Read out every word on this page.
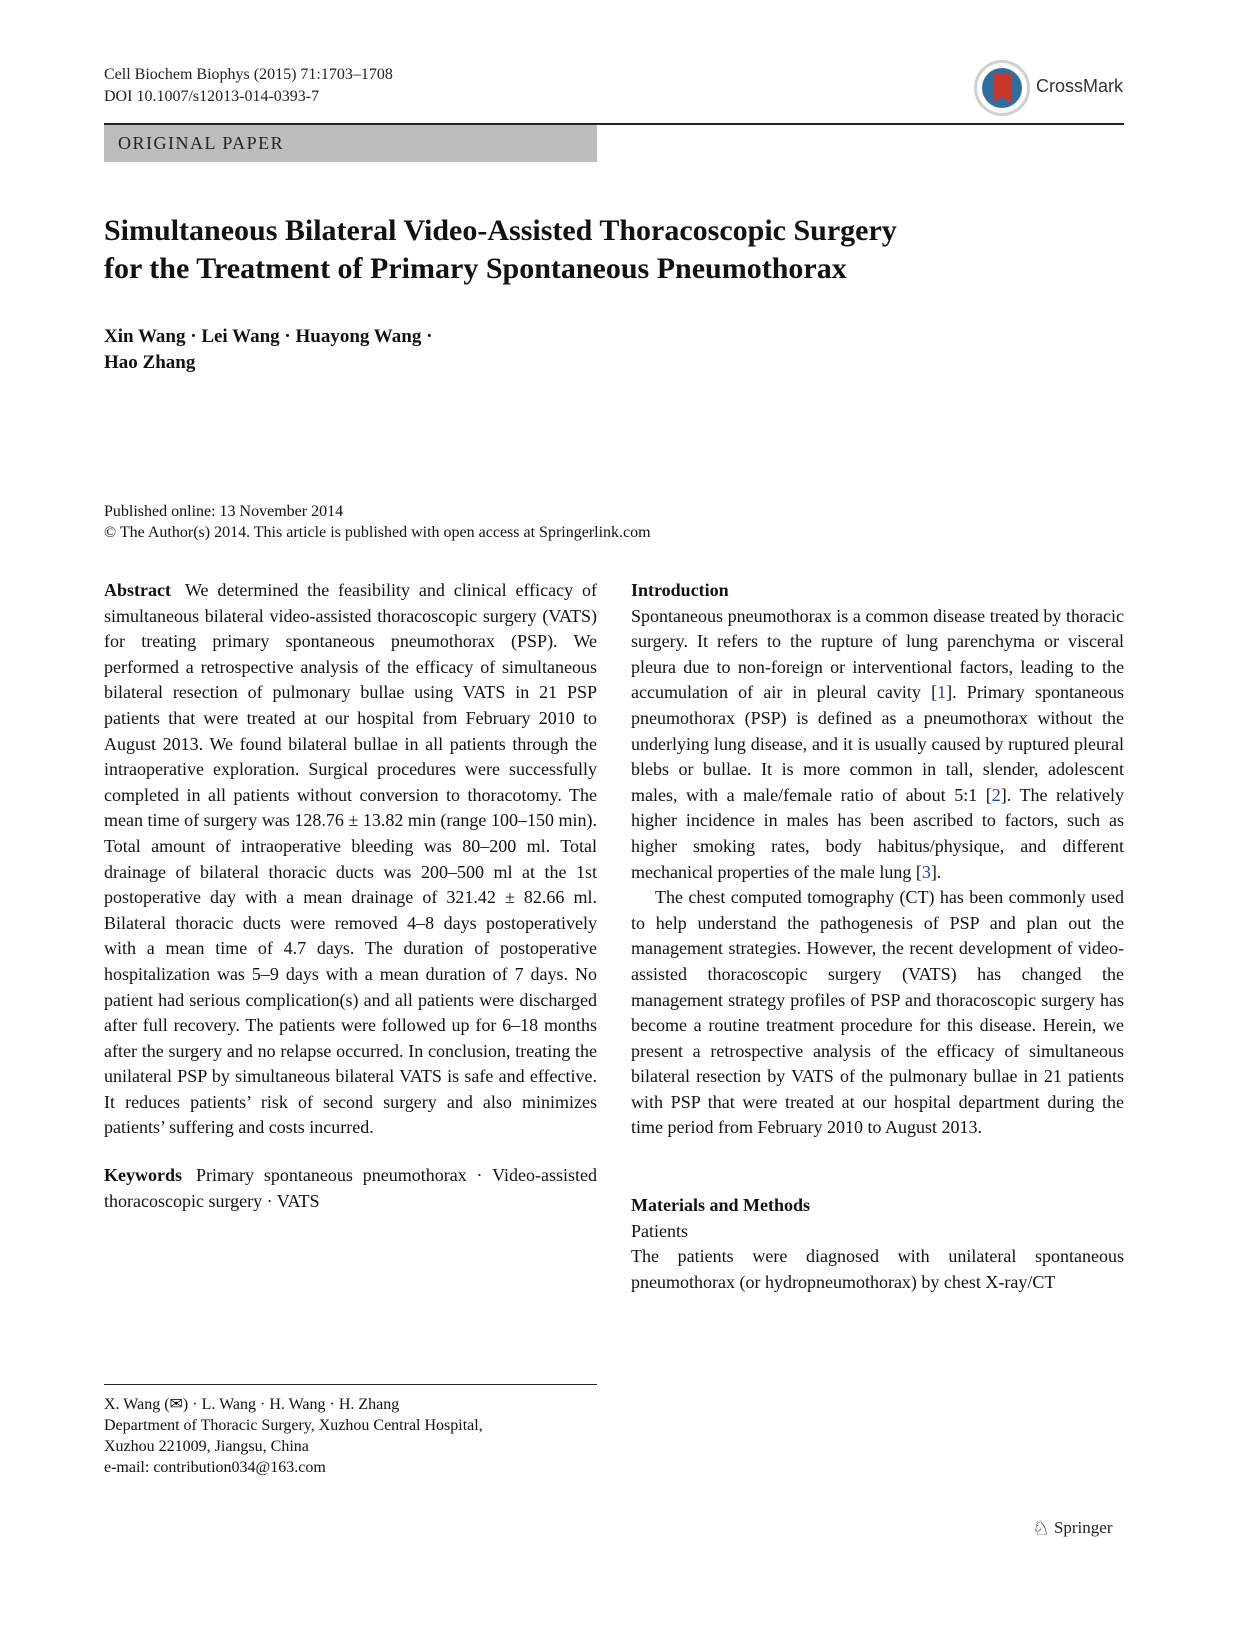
Cell Biochem Biophys (2015) 71:1703–1708
DOI 10.1007/s12013-014-0393-7
CrossMark
ORIGINAL PAPER
Simultaneous Bilateral Video-Assisted Thoracoscopic Surgery
for the Treatment of Primary Spontaneous Pneumothorax
Xin Wang · Lei Wang · Huayong Wang ·
Hao Zhang
Published online: 13 November 2014
© The Author(s) 2014. This article is published with open access at Springerlink.com

Abstract We determined the feasibility and clinical efficacy of simultaneous bilateral video-assisted thoracoscopic surgery (VATS) for treating primary spontaneous pneumothorax (PSP). We performed a retrospective analysis of the efficacy of simultaneous bilateral resection of pulmonary bullae using VATS in 21 PSP patients that were treated at our hospital from February 2010 to August 2013. We found bilateral bullae in all patients through the intraoperative exploration. Surgical procedures were successfully completed in all patients without conversion to thoracotomy. The mean time of surgery was 128.76 ± 13.82 min (range 100–150 min). Total amount of intraoperative bleeding was 80–200 ml. Total drainage of bilateral thoracic ducts was 200–500 ml at the 1st postoperative day with a mean drainage of 321.42 ± 82.66 ml. Bilateral thoracic ducts were removed 4–8 days postoperatively with a mean time of 4.7 days. The duration of postoperative hospitalization was 5–9 days with a mean duration of 7 days. No patient had serious complication(s) and all patients were discharged after full recovery. The patients were followed up for 6–18 months after the surgery and no relapse occurred. In conclusion, treating the unilateral PSP by simultaneous bilateral VATS is safe and effective. It reduces patients’ risk of second surgery and also minimizes patients’ suffering and costs incurred.

Keywords Primary spontaneous pneumothorax · Video-assisted thoracoscopic surgery · VATS

X. Wang (✉) · L. Wang · H. Wang · H. Zhang
Department of Thoracic Surgery, Xuzhou Central Hospital,
Xuzhou 221009, Jiangsu, China
e-mail: contribution034@163.com

Introduction

Spontaneous pneumothorax is a common disease treated by thoracic surgery. It refers to the rupture of lung parenchyma or visceral pleura due to non-foreign or interventional factors, leading to the accumulation of air in pleural cavity [1]. Primary spontaneous pneumothorax (PSP) is defined as a pneumothorax without the underlying lung disease, and it is usually caused by ruptured pleural blebs or bullae. It is more common in tall, slender, adolescent males, with a male/female ratio of about 5:1 [2]. The relatively higher incidence in males has been ascribed to factors, such as higher smoking rates, body habitus/physique, and different mechanical properties of the male lung [3].

The chest computed tomography (CT) has been commonly used to help understand the pathogenesis of PSP and plan out the management strategies. However, the recent development of video-assisted thoracoscopic surgery (VATS) has changed the management strategy profiles of PSP and thoracoscopic surgery has become a routine treatment procedure for this disease. Herein, we present a retrospective analysis of the efficacy of simultaneous bilateral resection by VATS of the pulmonary bullae in 21 patients with PSP that were treated at our hospital department during the time period from February 2010 to August 2013.

Materials and Methods

Patients

The patients were diagnosed with unilateral spontaneous pneumothorax (or hydropneumothorax) by chest X-ray/CT

♘ Springer
